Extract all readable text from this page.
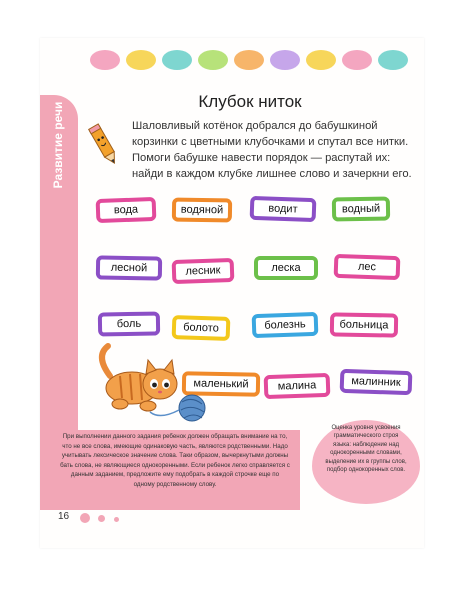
Развитие речи
Клубок ниток
Шаловливый котёнок добрался до бабушкиной корзинки с цветными клубочками и спутал все нитки. Помоги бабушке навести порядок — распутай их: найди в каждом клубке лишнее слово и зачеркни его.
вода	водяной	водит	водный
лесной	лесник	леска	лес
боль	болото	болезнь	больница
маленький	малина	малинник
При выполнении данного задания ребенок должен обращать внимание на то, что не все слова, имеющие одинаковую часть, являются родственными. Надо учитывать лексическое значение слова. Таки образом, вычеркнутыми должны бать слова, не являющиеся однокоренными. Если ребенок легко справляется с данным заданием, предложите ему подобрать в каждой строчке еще по одному родственному слову.
Оценка уровня усвоения грамматического строя языка: наблюдение над однокоренными словами, выделение их в группы слов, подбор однокоренных слов.
16
